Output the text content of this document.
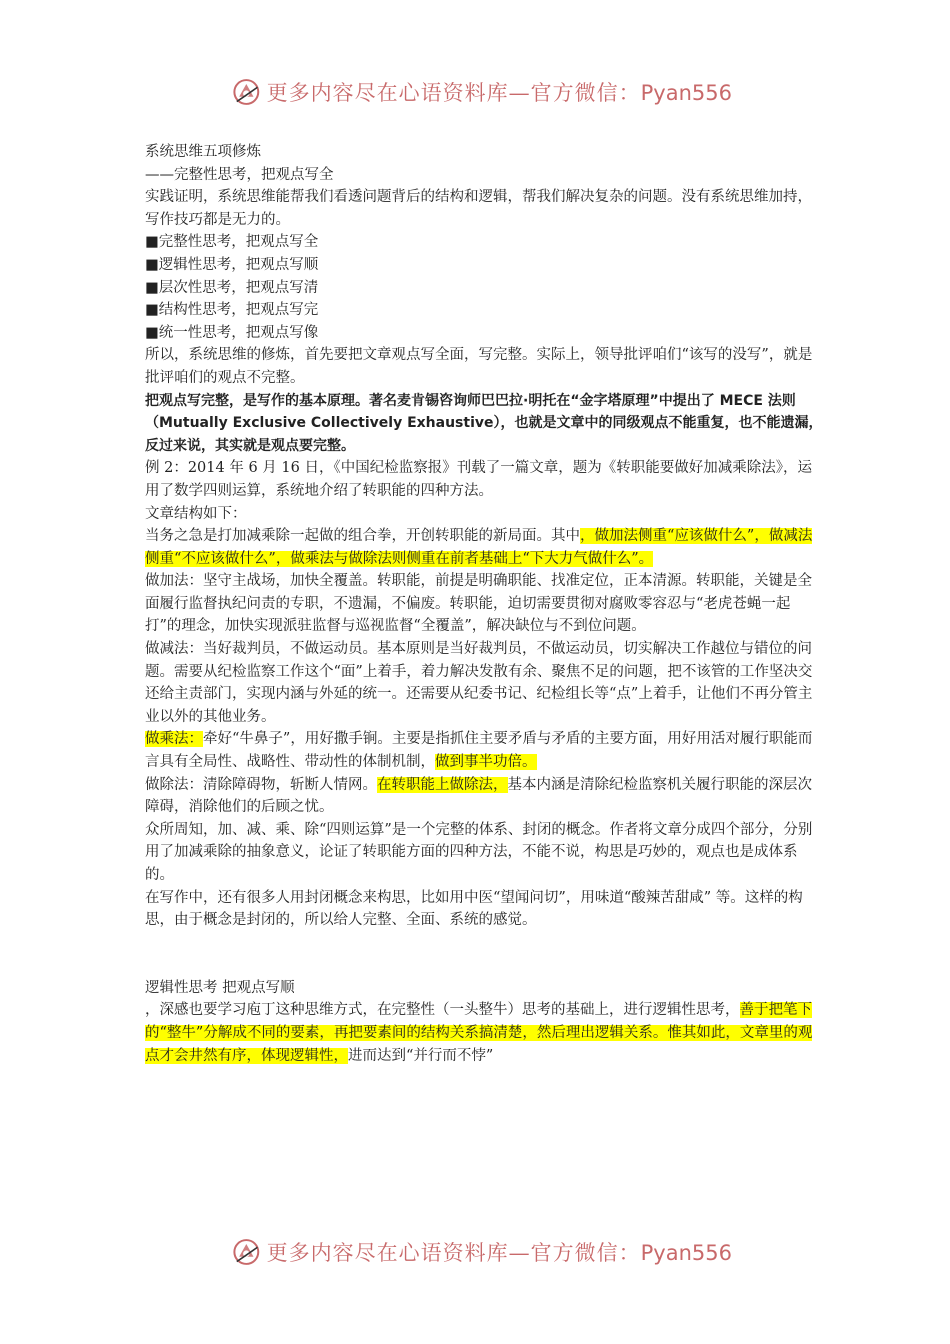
更多内容尽在心语资料库—官方微信：Pyan556

系统思维五项修炼

——完整性思考，把观点写全

实践证明，系统思维能帮我们看透问题背后的结构和逻辑，帮我们解决复杂的问题。没有系统思维加持，写作技巧都是无力的。

■完整性思考，把观点写全

■逻辑性思考，把观点写顺

■层次性思考，把观点写清

■结构性思考，把观点写完

■统一性思考，把观点写像

所以，系统思维的修炼，首先要把文章观点写全面，写完整。实际上，领导批评咱们“该写的没写”，就是批评咱们的观点不完整。

把观点写完整，是写作的基本原理。著名麦肯锡咨询师巴巴拉·明托在“金字塔原理”中提出了 MECE 法则（Mutually Exclusive Collectively Exhaustive），也就是文章中的同级观点不能重复，也不能遗漏，反过来说，其实就是观点要完整。

例 2：2014 年 6 月 16 日，《中国纪检监察报》刊载了一篇文章，题为《转职能要做好加减乘除法》，运用了数学四则运算，系统地介绍了转职能的四种方法。

文章结构如下：

当务之急是打加减乘除一起做的组合拳，开创转职能的新局面。其中，做加法侧重“应该做什么”，做减法侧重“不应该做什么”，做乘法与做除法则侧重在前者基础上“下大力气做什么”。

做加法：坚守主战场，加快全覆盖。转职能，前提是明确职能、找准定位，正本清源。转职能，关键是全面履行监督执纪问责的专职，不遗漏，不偏废。转职能，迫切需要贯彻对腐败零容忍与“老虎苍蝇一起打”的理念，加快实现派驻监督与巡视监督“全覆盖”，解决缺位与不到位问题。

做减法：当好裁判员，不做运动员。基本原则是当好裁判员，不做运动员，切实解决工作越位与错位的问题。需要从纪检监察工作这个“面”上着手，着力解决发散有余、聚焦不足的问题，把不该管的工作坚决交还给主责部门，实现内涵与外延的统一。还需要从纪委书记、纪检组长等“点”上着手，让他们不再分管主业以外的其他业务。

做乘法：牵好“牛鼻子”，用好撒手锏。主要是指抓住主要矛盾与矛盾的主要方面，用好用活对履行职能而言具有全局性、战略性、带动性的体制机制，做到事半功倍。

做除法：清除障碍物，斩断人情网。在转职能上做除法，基本内涵是清除纪检监察机关履行职能的深层次障碍，消除他们的后顾之忧。

众所周知，加、减、乘、除“四则运算”是一个完整的体系、封闭的概念。作者将文章分成四个部分，分别用了加减乘除的抽象意义，论证了转职能方面的四种方法，不能不说，构思是巧妙的，观点也是成体系的。

在写作中，还有很多人用封闭概念来构思，比如用中医“望闻问切”，用味道“酸辣苦甜咸” 等。这样的构思，由于概念是封闭的，所以给人完整、全面、系统的感觉。

逻辑性思考 把观点写顺

，深感也要学习庖丁这种思维方式，在完整性（一头整牛）思考的基础上，进行逻辑性思考，善于把笔下的“整牛”分解成不同的要素，再把要素间的结构关系搞清楚，然后理出逻辑关系。惟其如此，文章里的观点才会井然有序，体现逻辑性，进而达到“并行而不悖”

更多内容尽在心语资料库—官方微信：Pyan556
